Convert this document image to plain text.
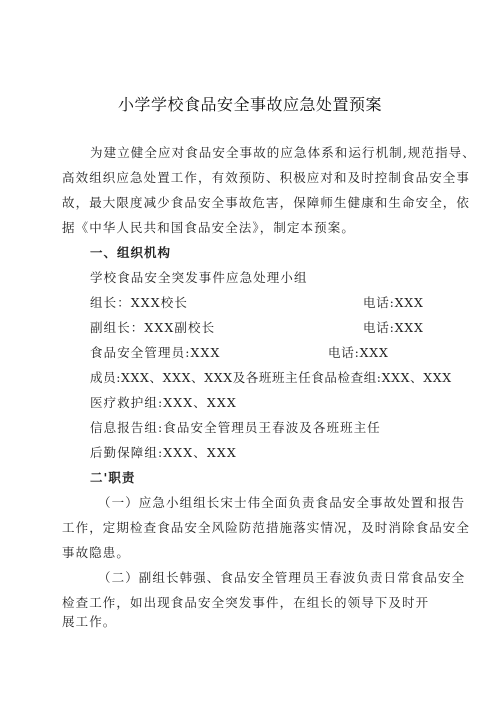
小学学校食品安全事故应急处置预案
为建立健全应对食品安全事故的应急体系和运行机制,规范指导、
高效组织应急处置工作，有效预防、积极应对和及时控制食品安全事
故，最大限度减少食品安全事故危害，保障师生健康和生命安全，依
据《中华人民共和国食品安全法》，制定本预案。
一、组织机构
学校食品安全突发事件应急处理小组
组长：XXX校长	电话:XXX
副组长：XXX副校长	电话:XXX
食品安全管理员:XXX	电话:XXX
成员:XXX、XXX、XXX及各班班主任食品检查组:XXX、XXX
医疗救护组:XXX、XXX
信息报告组:食品安全管理员王春波及各班班主任
后勤保障组:XXX、XXX
二'职责
（一）应急小组组长宋士伟全面负责食品安全事故处置和报告
工作，定期检查食品安全风险防范措施落实情况，及时消除食品安全
事故隐患。
（二）副组长韩强、食品安全管理员王春波负责日常食品安全
检查工作，如出现食品安全突发事件，在组长的领导下及时开
展工作。
